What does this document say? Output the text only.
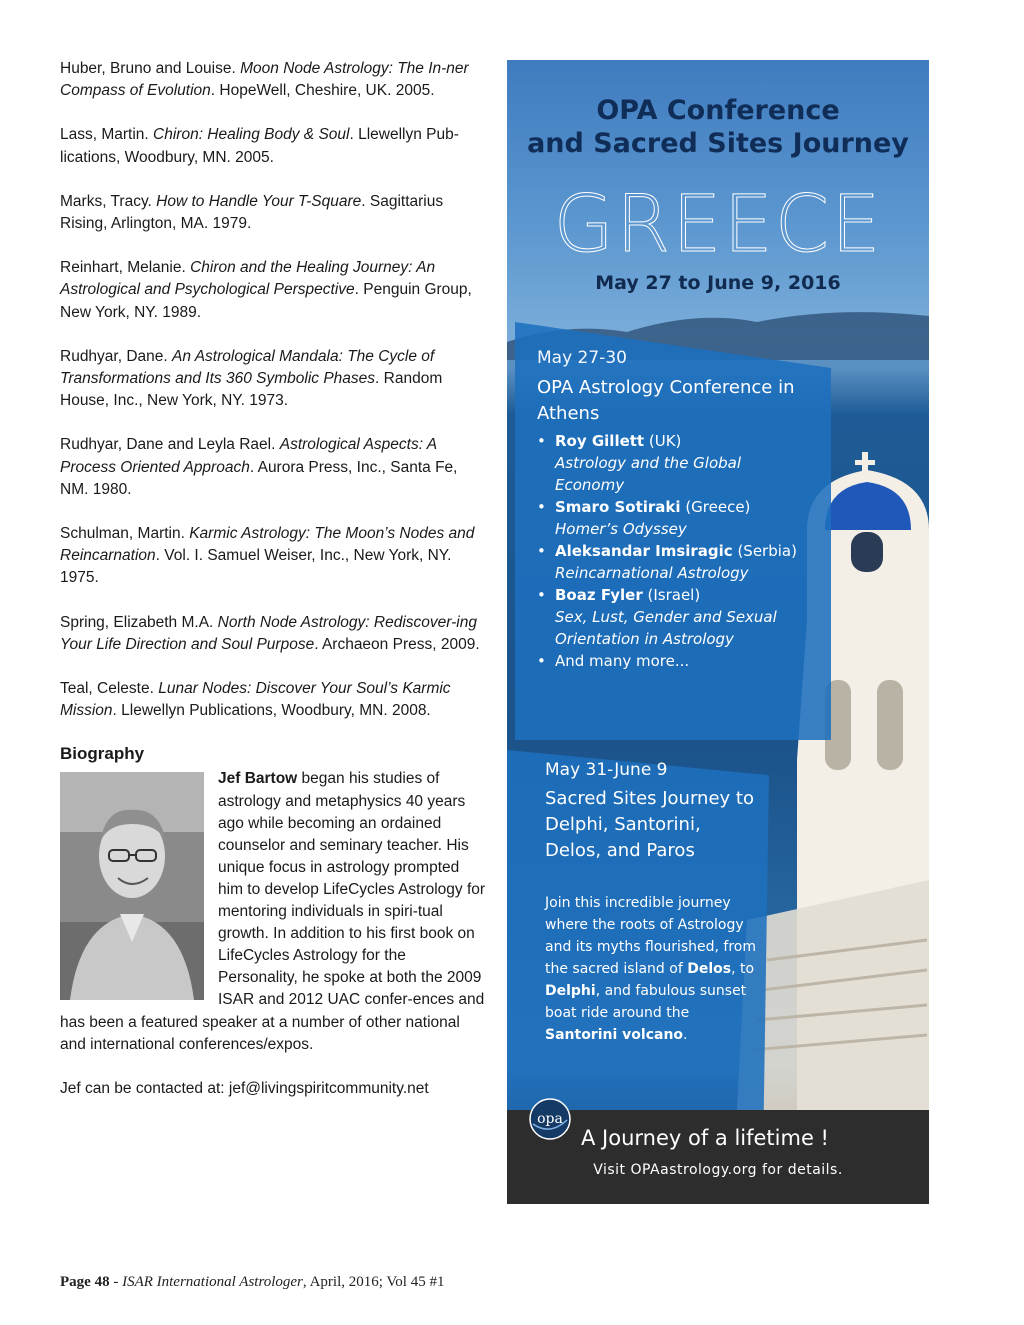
Huber, Bruno and Louise. Moon Node Astrology: The In-ner Compass of Evolution. HopeWell, Cheshire, UK. 2005.

Lass, Martin. Chiron: Healing Body & Soul. Llewellyn Pub-lications, Woodbury, MN. 2005.

Marks, Tracy. How to Handle Your T-Square. Sagittarius Rising, Arlington, MA. 1979.

Reinhart, Melanie. Chiron and the Healing Journey: An Astrological and Psychological Perspective. Penguin Group, New York, NY. 1989.

Rudhyar, Dane. An Astrological Mandala: The Cycle of Transformations and Its 360 Symbolic Phases. Random House, Inc., New York, NY. 1973.

Rudhyar, Dane and Leyla Rael. Astrological Aspects: A Process Oriented Approach. Aurora Press, Inc., Santa Fe, NM. 1980.

Schulman, Martin. Karmic Astrology: The Moon’s Nodes and Reincarnation. Vol. I. Samuel Weiser, Inc., New York, NY. 1975.

Spring, Elizabeth M.A. North Node Astrology: Rediscover-ing Your Life Direction and Soul Purpose. Archaeon Press, 2009.

Teal, Celeste. Lunar Nodes: Discover Your Soul’s Karmic Mission. Llewellyn Publications, Woodbury, MN. 2008.

Biography

Jef Bartow began his studies of astrology and metaphysics 40 years ago while becoming an ordained counselor and seminary teacher. His unique focus in astrology prompted him to develop LifeCycles Astrology for mentoring individuals in spiri-tual growth. In addition to his first book on LifeCycles Astrology for the Personality, he spoke at both the 2009 ISAR and 2012 UAC confer-ences and has been a featured speaker at a number of other national and international conferences/expos.

Jef can be contacted at: jef@livingspiritcommunity.net
Page 48 - ISAR International Astrologer, April, 2016; Vol 45 #1
OPA Conference
and Sacred Sites Journey
GREECE
May 27 to June 9, 2016
May 27-30
OPA Astrology Conference in Athens
• Roy Gillett (UK)
Astrology and the Global Economy
• Smaro Sotiraki (Greece)
Homer’s Odyssey
• Aleksandar Imsiragic (Serbia)
Reincarnational Astrology
• Boaz Fyler (Israel)
Sex, Lust, Gender and Sexual Orientation in Astrology
• And many more...
May 31-June 9
Sacred Sites Journey to Delphi, Santorini, Delos, and Paros
Join this incredible journey where the roots of Astrology and its myths flourished, from the sacred island of Delos, to Delphi, and fabulous sunset boat ride around the Santorini volcano.
opa
A Journey of a lifetime !
Visit OPAastrology.org for details.
